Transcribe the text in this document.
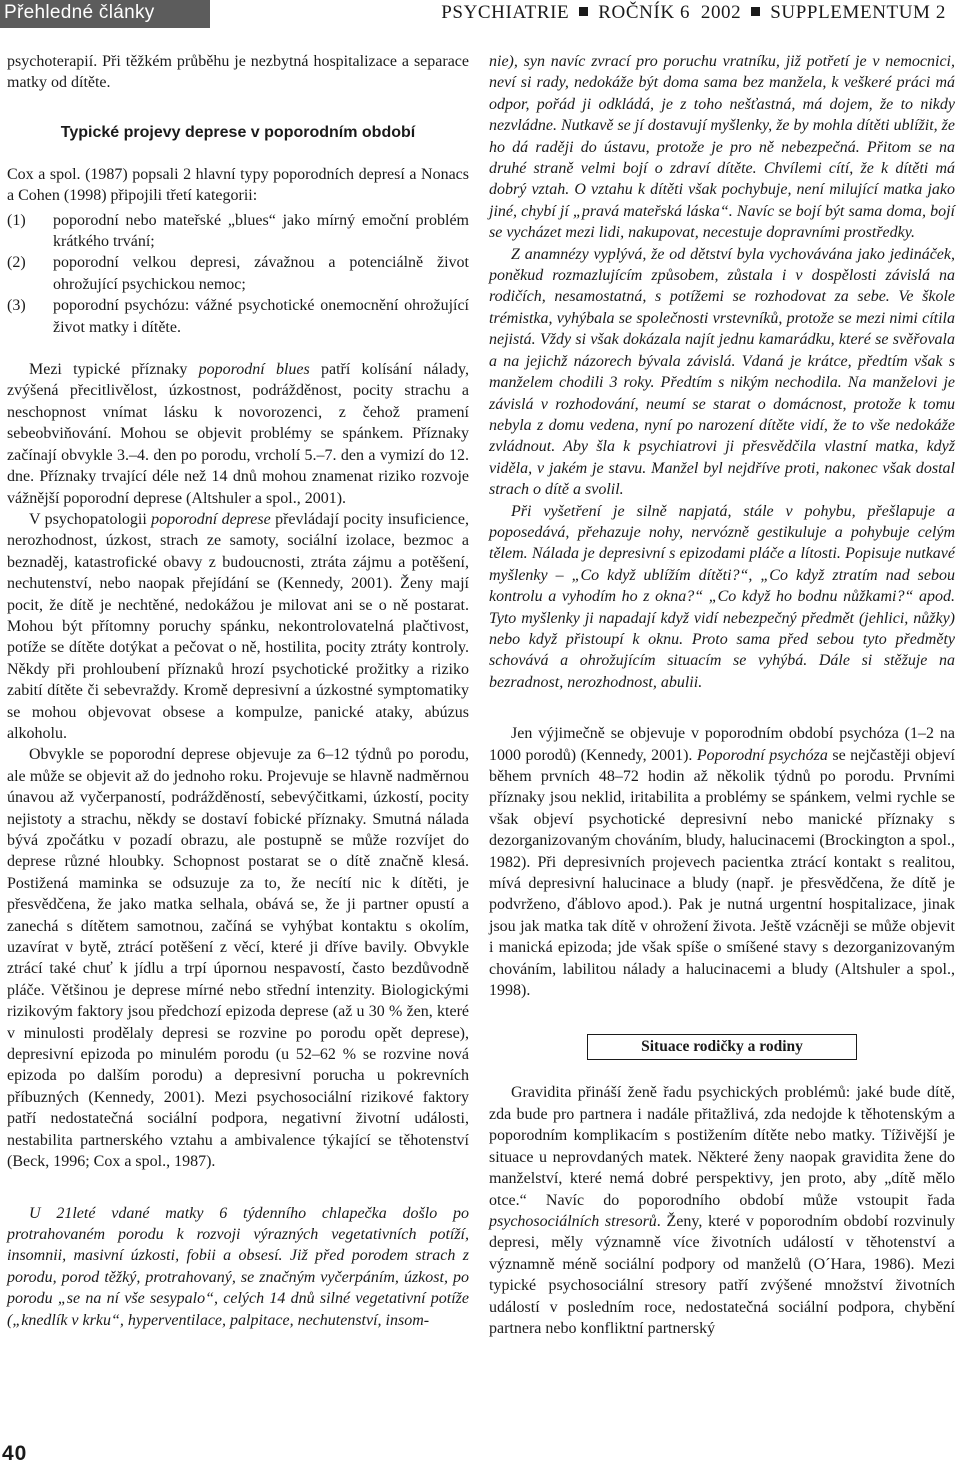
Přehledné články	PSYCHIATRIE ROČNÍK 6 2002 SUPPLEMENTUM 2

psychoterapií. Při těžkém průběhu je nezbytná hospitalizace a separace matky od dítěte.

Typické projevy deprese v poporodním období

Cox a spol. (1987) popsali 2 hlavní typy poporodních depresí a Nonacs a Cohen (1998) připojili třetí kategorii:

(1) poporodní nebo mateřské „blues“ jako mírný emoční problém krátkého trvání;
(2) poporodní velkou depresi, závažnou a potenciálně život ohrožující psychickou nemoc;
(3) poporodní psychózu: vážné psychotické onemocnění ohrožující život matky i dítěte.

Mezi typické příznaky poporodní blues patří kolísání nálady, zvýšená přecitlivělost, úzkostnost, podrážděnost, pocity strachu a neschopnost vnímat lásku k novorozenci, z čehož pramení sebeobviňování. Mohou se objevit problémy se spánkem. Příznaky začínají obvykle 3.–4. den po porodu, vrcholí 5.–7. den a vymizí do 12. dne. Příznaky trvající déle než 14 dnů mohou znamenat riziko rozvoje vážnější poporodní deprese (Altshuler a spol., 2001).

V psychopatologii poporodní deprese převládají pocity insuficience, nerozhodnost, úzkost, strach ze samoty, sociální izolace, bezmoc a beznaděj, katastrofické obavy z budoucnosti, ztráta zájmu a potěšení, nechutenství, nebo naopak přejídání se (Kennedy, 2001). Ženy mají pocit, že dítě je nechtěné, nedokážou je milovat ani se o ně postarat. Mohou být přítomny poruchy spánku, nekontrolovatelná plačtivost, potíže se dítěte dotýkat a pečovat o ně, hostilita, pocity ztráty kontroly. Někdy při prohloubení příznaků hrozí psychotické prožitky a riziko zabití dítěte či sebevraždy. Kromě depresivní a úzkostné symptomatiky se mohou objevovat obsese a kompulze, panické ataky, abúzus alkoholu.

Obvykle se poporodní deprese objevuje za 6–12 týdnů po porodu, ale může se objevit až do jednoho roku. Projevuje se hlavně nadměrnou únavou až vyčerpaností, podrážděností, sebevýčitkami, úzkostí, pocity nejistoty a strachu, někdy se dostaví fobické příznaky. Smutná nálada bývá zpočátku v pozadí obrazu, ale postupně se může rozvíjet do deprese různé hloubky. Schopnost postarat se o dítě značně klesá. Postižená maminka se odsuzuje za to, že necítí nic k dítěti, je přesvědčena, že jako matka selhala, obává se, že ji partner opustí a zanechá s dítětem samotnou, začíná se vyhýbat kontaktu s okolím, uzavírat v bytě, ztrácí potěšení z věcí, které ji dříve bavily. Obvykle ztrácí také chuť k jídlu a trpí úpornou nespavostí, často bezdůvodně pláče. Většinou je deprese mírné nebo střední intenzity. Biologickými rizikovým faktory jsou předchozí epizoda deprese (až u 30 % žen, které v minulosti prodělaly depresi se rozvine po porodu opět deprese), depresivní epizoda po minulém porodu (u 52–62 % se rozvine nová epizoda po dalším porodu) a depresivní porucha u pokrevních příbuzných (Kennedy, 2001). Mezi psychosociální rizikové faktory patří nedostatečná sociální podpora, negativní životní události, nestabilita partnerského vztahu a ambivalence týkající se těhotenství (Beck, 1996; Cox a spol., 1987).

U 21leté vdané matky 6 týdenního chlapečka došlo po protrahovaném porodu k rozvoji výrazných vegetativních potíží, insomnii, masivní úzkosti, fobii a obsesí. Již před porodem strach z porodu, porod těžký, protrahovaný, se značným vyčerpáním, úzkost, po porodu „se na ní vše sesypalo“, celých 14 dnů silné vegetativní potíže („knedlík v krku“, hyperventilace, palpitace, nechutenství, insom-

nie), syn navíc zvrací pro poruchu vratníku, již potřetí je v nemocnici, neví si rady, nedokáže být doma sama bez manžela, k veškeré práci má odpor, pořád ji odkládá, je z toho nešťastná, má dojem, že to nikdy nezvládne. Nutkavě se jí dostavují myšlenky, že by mohla dítěti ublížit, že ho dá raději do ústavu, protože je pro ně nebezpečná. Přitom se na druhé straně velmi bojí o zdraví dítěte. Chvílemi cítí, že k dítěti má dobrý vztah. O vztahu k dítěti však pochybuje, není milující matka jako jiné, chybí jí „pravá mateřská láska“. Navíc se bojí být sama doma, bojí se vycházet mezi lidi, nakupovat, necestuje dopravními prostředky.

Z anamnézy vyplývá, že od dětství byla vychovávána jako jedináček, poněkud rozmazlujícím způsobem, zůstala i v dospělosti závislá na rodičích, nesamostatná, s potížemi se rozhodovat za sebe. Ve škole trémistka, vyhýbala se společnosti vrstevníků, protože se mezi nimi cítila nejistá. Vždy si však dokázala najít jednu kamarádku, které se svěřovala a na jejichž názorech bývala závislá. Vdaná je krátce, předtím však s manželem chodili 3 roky. Předtím s nikým nechodila. Na manželovi je závislá v rozhodování, neumí se starat o domácnost, protože k tomu nebyla z domu vedena, nyní po narození dítěte vidí, že to vše nedokáže zvládnout. Aby šla k psychiatrovi ji přesvědčila vlastní matka, když viděla, v jakém je stavu. Manžel byl nejdříve proti, nakonec však dostal strach o dítě a svolil.

Při vyšetření je silně napjatá, stále v pohybu, přešlapuje a poposedává, přehazuje nohy, nervózně gestikuluje a pohybuje celým tělem. Nálada je depresivní s epizodami pláče a lítosti. Popisuje nutkavé myšlenky – „Co když ublížím dítěti?“, „Co když ztratím nad sebou kontrolu a vyhodím ho z okna?“ „Co když ho bodnu nůžkami?“ apod. Tyto myšlenky ji napadají když vidí nebezpečný předmět (jehlici, nůžky) nebo když přistoupí k oknu. Proto sama před sebou tyto předměty schovává a ohrožujícím situacím se vyhýbá. Dále si stěžuje na bezradnost, nerozhodnost, abulii.

Jen výjimečně se objevuje v poporodním období psychóza (1–2 na 1000 porodů) (Kennedy, 2001). Poporodní psychóza se nejčastěji objeví během prvních 48–72 hodin až několik týdnů po porodu. Prvními příznaky jsou neklid, iritabilita a problémy se spánkem, velmi rychle se však objeví psychotické depresivní nebo manické příznaky s dezorganizovaným chováním, bludy, halucinacemi (Brockington a spol., 1982). Při depresivních projevech pacientka ztrácí kontakt s realitou, mívá depresivní halucinace a bludy (např. je přesvědčena, že dítě je podvrženo, ďáblovo apod.). Pak je nutná urgentní hospitalizace, jinak jsou jak matka tak dítě v ohrožení života. Ještě vzácněji se může objevit i manická epizoda; jde však spíše o smíšené stavy s dezorganizovaným chováním, labilitou nálady a halucinacemi a bludy (Altshuler a spol., 1998).

Situace rodičky a rodiny

Gravidita přináší ženě řadu psychických problémů: jaké bude dítě, zda bude pro partnera i nadále přitažlivá, zda nedojde k těhotenským a poporodním komplikacím s postižením dítěte nebo matky. Tíživější je situace u neprovdaných matek. Některé ženy naopak gravidita žene do manželství, které nemá dobré perspektivy, jen proto, aby „dítě mělo otce.“ Navíc do poporodního období může vstoupit řada psychosociálních stresorů. Ženy, které v poporodním období rozvinuly depresi, měly významně více životních událostí v těhotenství a významně méně sociální podpory od manželů (O´Hara, 1986). Mezi typické psychosociální stresory patří zvýšené množství životních událostí v posledním roce, nedostatečná sociální podpora, chybění partnera nebo konfliktní partnerský

40
